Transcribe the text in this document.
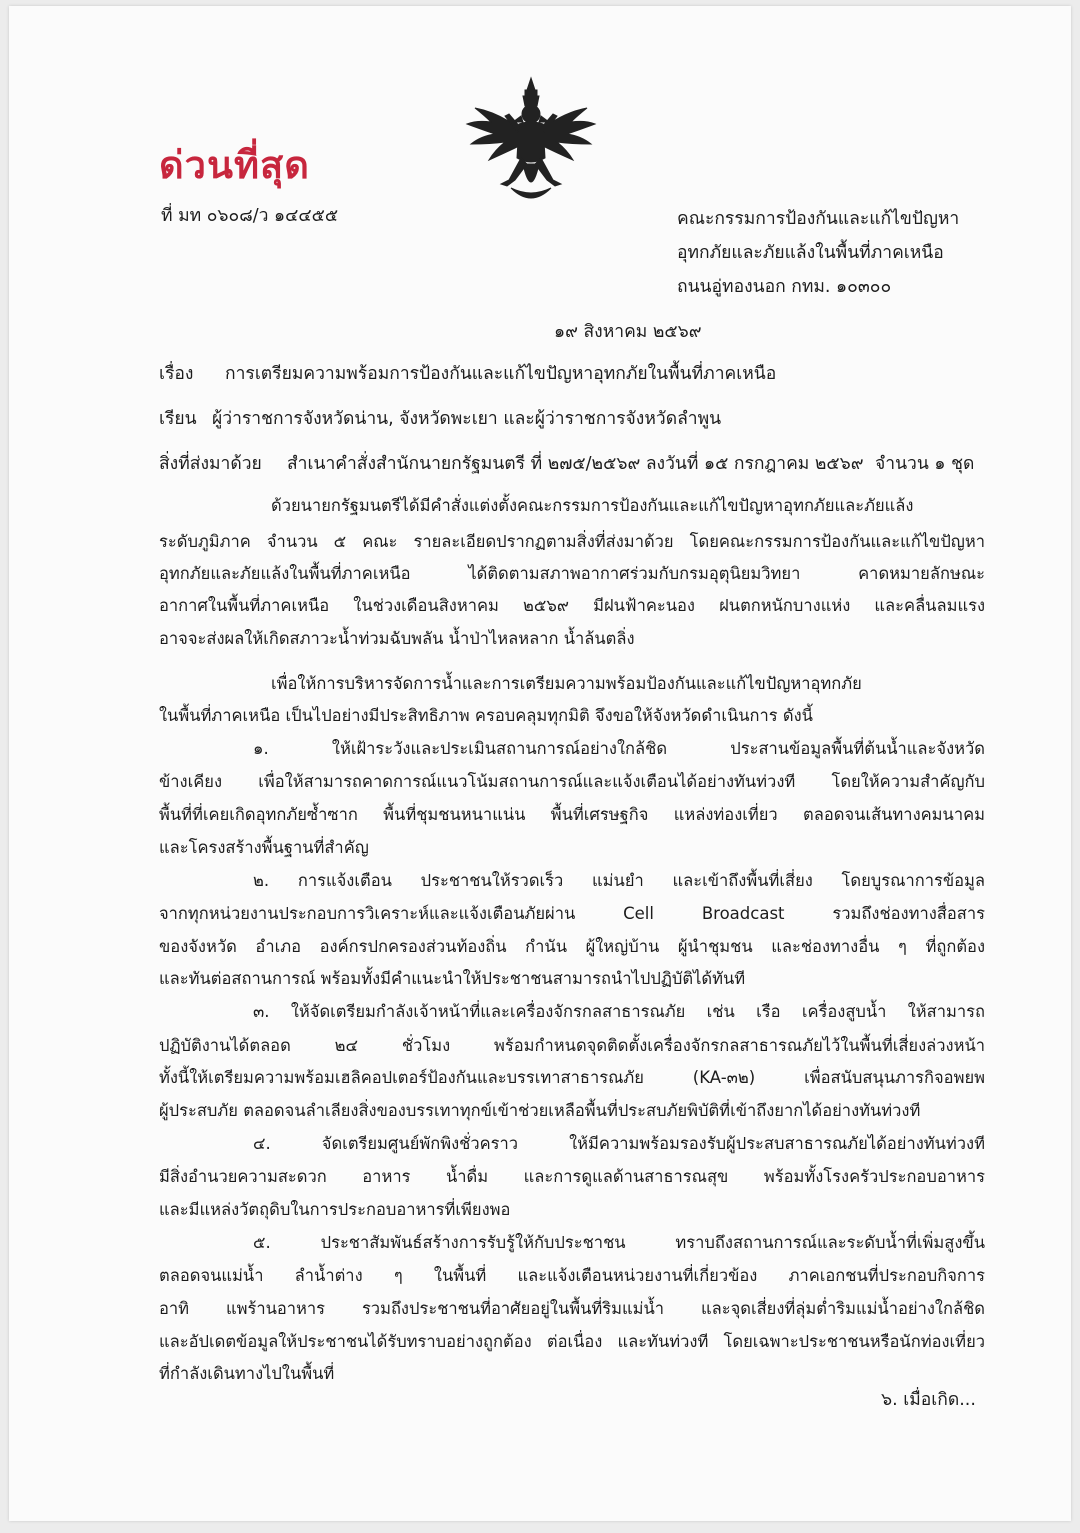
ด่วนที่สุด
ที่ มท ๐๖๐๘/ว ๑๔๔๕๕	คณะกรรมการป้องกันและแก้ไขปัญหา
อุทกภัยและภัยแล้งในพื้นที่ภาคเหนือ
ถนนอู่ทองนอก กทม. ๑๐๓๐๐
๑๙ สิงหาคม ๒๕๖๙
เรื่อง การเตรียมความพร้อมการป้องกันและแก้ไขปัญหาอุทกภัยในพื้นที่ภาคเหนือ
เรียน ผู้ว่าราชการจังหวัดน่าน, จังหวัดพะเยา และผู้ว่าราชการจังหวัดลำพูน
สิ่งที่ส่งมาด้วย สำเนาคำสั่งสำนักนายกรัฐมนตรี ที่ ๒๗๕/๒๕๖๙ ลงวันที่ ๑๕ กรกฎาคม ๒๕๖๙ จำนวน ๑ ชุด
ด้วยนายกรัฐมนตรีได้มีคำสั่งแต่งตั้งคณะกรรมการป้องกันและแก้ไขปัญหาอุทกภัยและภัยแล้ง
ระดับภูมิภาค จำนวน ๕ คณะ รายละเอียดปรากฏตามสิ่งที่ส่งมาด้วย โดยคณะกรรมการป้องกันและแก้ไขปัญหา
อุทกภัยและภัยแล้งในพื้นที่ภาคเหนือ ได้ติดตามสภาพอากาศร่วมกับกรมอุตุนิยมวิทยา คาดหมายลักษณะ
อากาศในพื้นที่ภาคเหนือ ในช่วงเดือนสิงหาคม ๒๕๖๙ มีฝนฟ้าคะนอง ฝนตกหนักบางแห่ง และคลื่นลมแรง
อาจจะส่งผลให้เกิดสภาวะน้ำท่วมฉับพลัน น้ำป่าไหลหลาก น้ำล้นตลิ่ง
เพื่อให้การบริหารจัดการน้ำและการเตรียมความพร้อมป้องกันและแก้ไขปัญหาอุทกภัย
ในพื้นที่ภาคเหนือ เป็นไปอย่างมีประสิทธิภาพ ครอบคลุมทุกมิติ จึงขอให้จังหวัดดำเนินการ ดังนี้
๑. ให้เฝ้าระวังและประเมินสถานการณ์อย่างใกล้ชิด ประสานข้อมูลพื้นที่ต้นน้ำและจังหวัด
ข้างเคียง เพื่อให้สามารถคาดการณ์แนวโน้มสถานการณ์และแจ้งเตือนได้อย่างทันท่วงที โดยให้ความสำคัญกับ
พื้นที่ที่เคยเกิดอุทกภัยซ้ำซาก พื้นที่ชุมชนหนาแน่น พื้นที่เศรษฐกิจ แหล่งท่องเที่ยว ตลอดจนเส้นทางคมนาคม
และโครงสร้างพื้นฐานที่สำคัญ
๒. การแจ้งเตือน ประชาชนให้รวดเร็ว แม่นยำ และเข้าถึงพื้นที่เสี่ยง โดยบูรณาการข้อมูล
จากทุกหน่วยงานประกอบการวิเคราะห์และแจ้งเตือนภัยผ่าน Cell Broadcast รวมถึงช่องทางสื่อสาร
ของจังหวัด อำเภอ องค์กรปกครองส่วนท้องถิ่น กำนัน ผู้ใหญ่บ้าน ผู้นำชุมชน และช่องทางอื่น ๆ ที่ถูกต้อง
และทันต่อสถานการณ์ พร้อมทั้งมีคำแนะนำให้ประชาชนสามารถนำไปปฏิบัติได้ทันที
๓. ให้จัดเตรียมกำลังเจ้าหน้าที่และเครื่องจักรกลสาธารณภัย เช่น เรือ เครื่องสูบน้ำ ให้สามารถ
ปฏิบัติงานได้ตลอด ๒๔ ชั่วโมง พร้อมกำหนดจุดติดตั้งเครื่องจักรกลสาธารณภัยไว้ในพื้นที่เสี่ยงล่วงหน้า
ทั้งนี้ให้เตรียมความพร้อมเฮลิคอปเตอร์ป้องกันและบรรเทาสาธารณภัย (KA-๓๒) เพื่อสนับสนุนภารกิจอพยพ
ผู้ประสบภัย ตลอดจนลำเลียงสิ่งของบรรเทาทุกข์เข้าช่วยเหลือพื้นที่ประสบภัยพิบัติที่เข้าถึงยากได้อย่างทันท่วงที
๔. จัดเตรียมศูนย์พักพิงชั่วคราว ให้มีความพร้อมรองรับผู้ประสบสาธารณภัยได้อย่างทันท่วงที
มีสิ่งอำนวยความสะดวก อาหาร น้ำดื่ม และการดูแลด้านสาธารณสุข พร้อมทั้งโรงครัวประกอบอาหาร
และมีแหล่งวัตถุดิบในการประกอบอาหารที่เพียงพอ
๕. ประชาสัมพันธ์สร้างการรับรู้ให้กับประชาชน ทราบถึงสถานการณ์และระดับน้ำที่เพิ่มสูงขึ้น
ตลอดจนแม่น้ำ ลำน้ำต่าง ๆ ในพื้นที่ และแจ้งเตือนหน่วยงานที่เกี่ยวข้อง ภาคเอกชนที่ประกอบกิจการ
อาทิ แพร้านอาหาร รวมถึงประชาชนที่อาศัยอยู่ในพื้นที่ริมแม่น้ำ และจุดเสี่ยงที่ลุ่มต่ำริมแม่น้ำอย่างใกล้ชิด
และอัปเดตข้อมูลให้ประชาชนได้รับทราบอย่างถูกต้อง ต่อเนื่อง และทันท่วงที โดยเฉพาะประชาชนหรือนักท่องเที่ยว
ที่กำลังเดินทางไปในพื้นที่
๖. เมื่อเกิด...
